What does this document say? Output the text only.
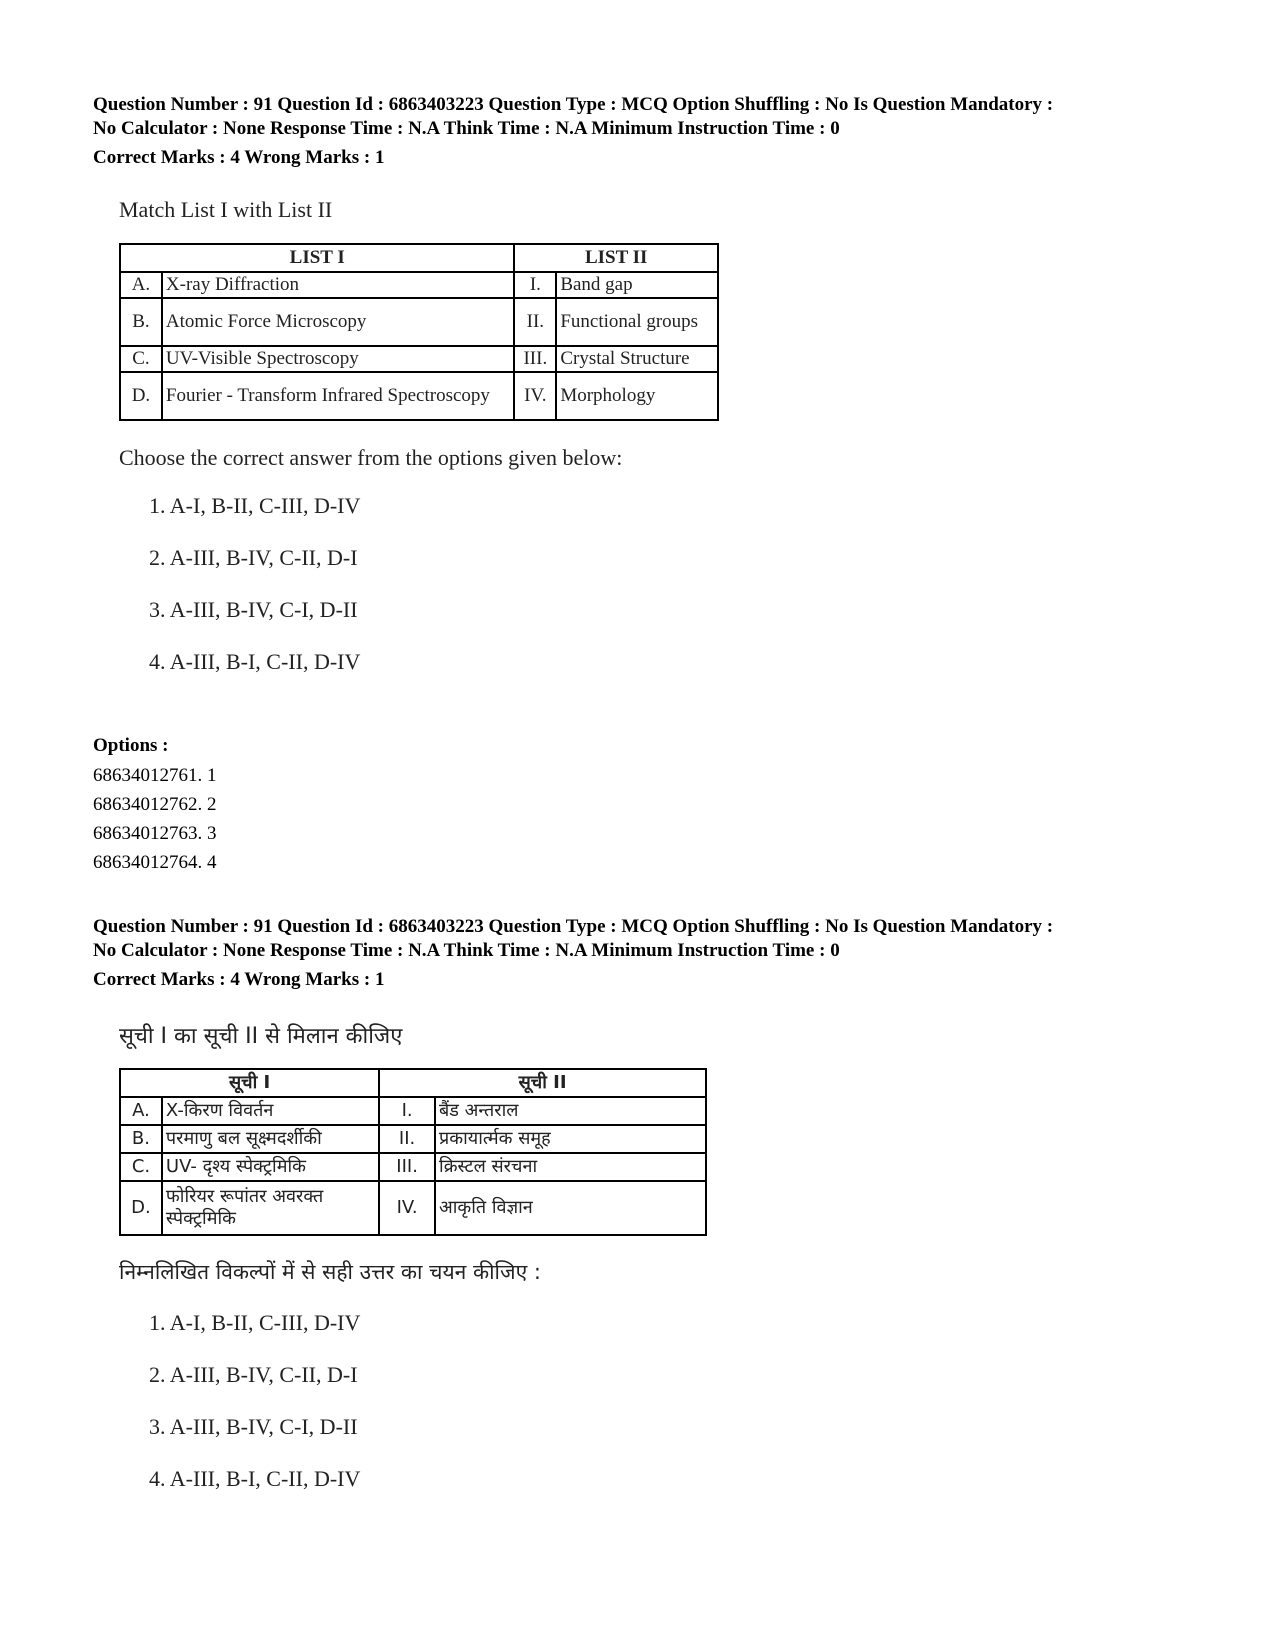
Question Number : 91 Question Id : 6863403223 Question Type : MCQ Option Shuffling : No Is Question Mandatory :
No Calculator : None Response Time : N.A Think Time : N.A Minimum Instruction Time : 0
Correct Marks : 4 Wrong Marks : 1

Match List I with List II

LIST I		LIST II	
A.	X-ray Diffraction	I.	Band gap
B.	Atomic Force Microscopy	II.	Functional groups
C.	UV-Visible Spectroscopy	III.	Crystal Structure
D.	Fourier - Transform Infrared Spectroscopy	IV.	Morphology

Choose the correct answer from the options given below:

1. A-I, B-II, C-III, D-IV
2. A-III, B-IV, C-II, D-I
3. A-III, B-IV, C-I, D-II
4. A-III, B-I, C-II, D-IV
Options :
68634012761. 1
68634012762. 2
68634012763. 3
68634012764. 4
Question Number : 91 Question Id : 6863403223 Question Type : MCQ Option Shuffling : No Is Question Mandatory :
No Calculator : None Response Time : N.A Think Time : N.A Minimum Instruction Time : 0
Correct Marks : 4 Wrong Marks : 1

सूची I का सूची II से मिलान कीजिए

सूची I		सूची II	
A.	X-किरण विवर्तन	I.	बैंड अन्तराल
B.	परमाणु बल सूक्ष्मदर्शीकी	II.	प्रकायार्त्मक समूह
C.	UV- दृश्य स्पेक्ट्रमिकि	III.	क्रिस्टल संरचना
D.	फोरियर रूपांतर अवरक्त स्पेक्ट्रमिकि	IV.	आकृति विज्ञान

निम्नलिखित विकल्पों में से सही उत्तर का चयन कीजिए :

1. A-I, B-II, C-III, D-IV
2. A-III, B-IV, C-II, D-I
3. A-III, B-IV, C-I, D-II
4. A-III, B-I, C-II, D-IV
